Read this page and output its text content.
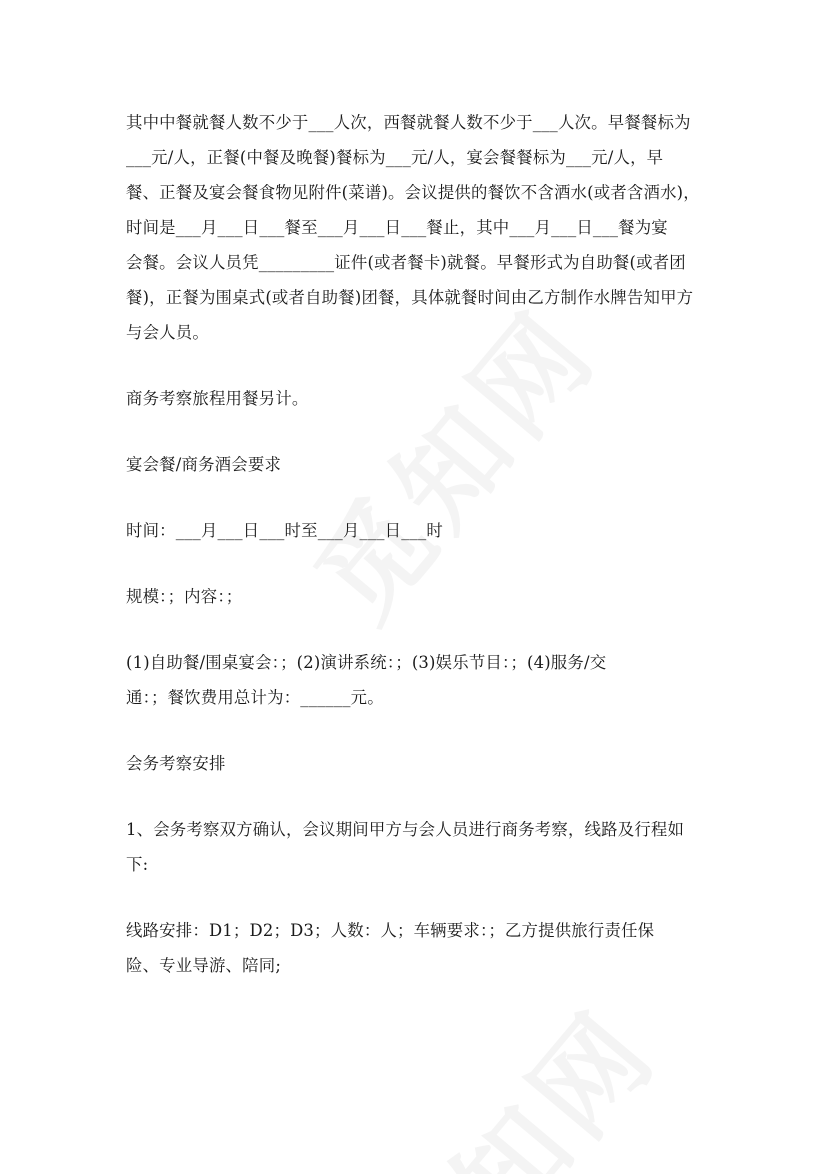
其中中餐就餐人数不少于___人次，西餐就餐人数不少于___人次。早餐餐标为
___元/人，正餐(中餐及晚餐)餐标为___元/人，宴会餐餐标为___元/人，早
餐、正餐及宴会餐食物见附件(菜谱)。会议提供的餐饮不含酒水(或者含酒水)，
时间是___月___日___餐至___月___日___餐止，其中___月___日___餐为宴
会餐。会议人员凭_________证件(或者餐卡)就餐。早餐形式为自助餐(或者团
餐)，正餐为围桌式(或者自助餐)团餐，具体就餐时间由乙方制作水牌告知甲方
与会人员。
商务考察旅程用餐另计。
宴会餐/商务酒会要求
时间：___月___日___时至___月___日___时
规模：；内容：；
(1)自助餐/围桌宴会：；(2)演讲系统：；(3)娱乐节目：；(4)服务/交
通：；餐饮费用总计为：______元。
会务考察安排
1、会务考察双方确认，会议期间甲方与会人员进行商务考察，线路及行程如
下:
线路安排：D1；D2；D3；人数：人；车辆要求：；乙方提供旅行责任保
险、专业导游、陪同;
